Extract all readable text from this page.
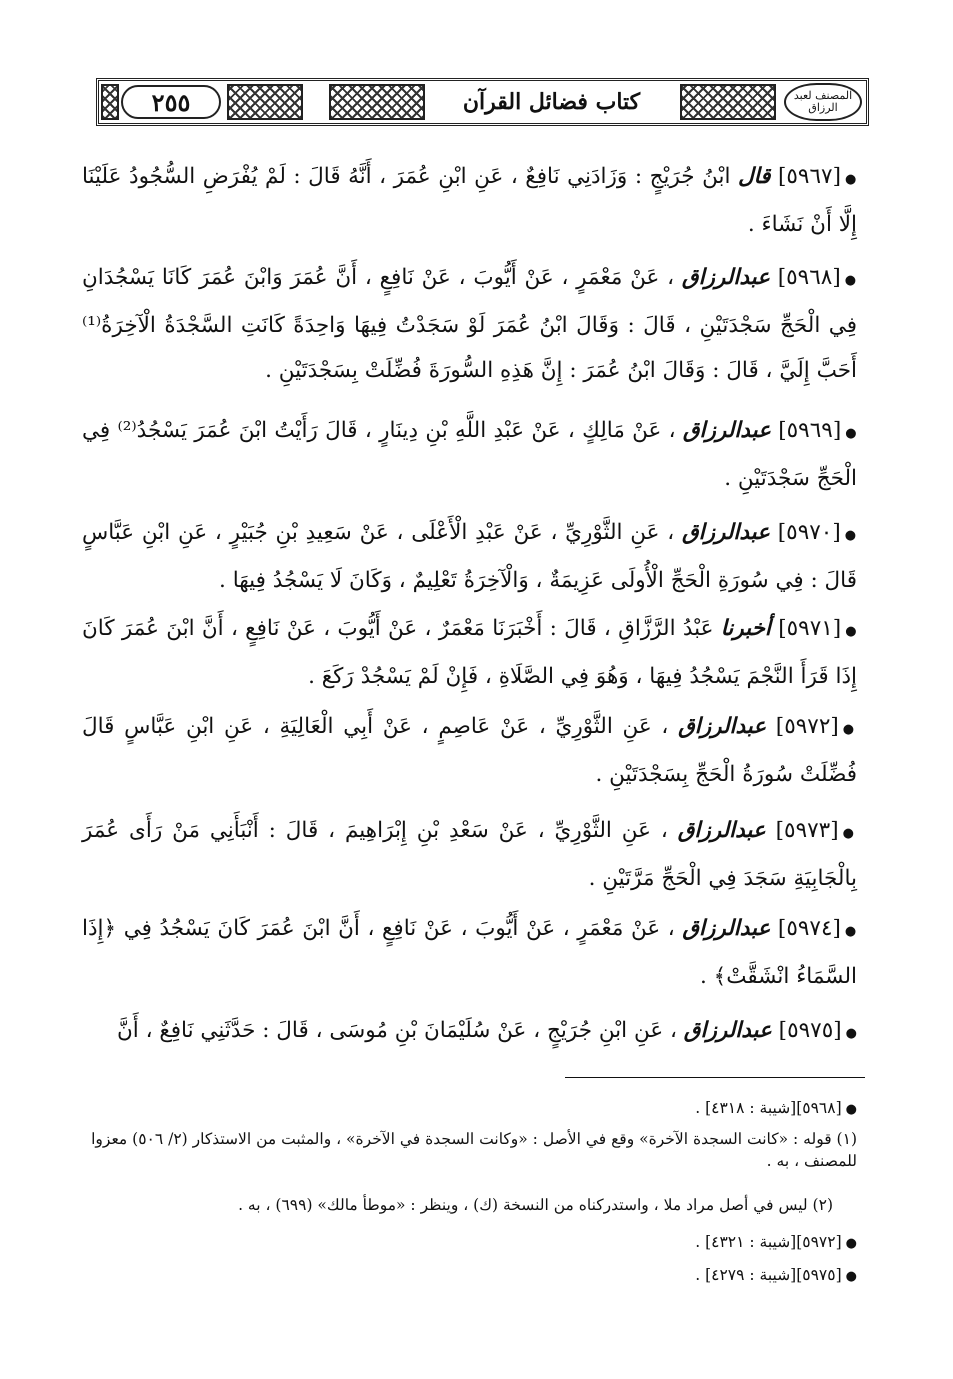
المصنف لعبد الرزاق
كتاب فضائل القرآن
٢٥٥
●[٥٩٦٧] قال ابْنُ جُرَيْجٍ : وَزَادَنِي نَافِعٌ ، عَنِ ابْنِ عُمَرَ ، أَنَّهُ قَالَ : لَمْ يُفْرَضِ السُّجُودُ عَلَيْنَا إِلَّا أَنْ نَشَاءَ .
●[٥٩٦٨] عبدالرزاق ، عَنْ مَعْمَرٍ ، عَنْ أَيُّوبَ ، عَنْ نَافِعٍ ، أَنَّ عُمَرَ وَابْنَ عُمَرَ كَانَا يَسْجُدَانِ فِي الْحَجِّ سَجْدَتَيْنِ ، قَالَ : وَقَالَ ابْنُ عُمَرَ لَوْ سَجَدْتُ فِيهَا وَاحِدَةً كَانَتِ السَّجْدَةُ الْآخِرَةُ⁽¹⁾ أَحَبَّ إِلَيَّ ، قَالَ : وَقَالَ ابْنُ عُمَرَ : إِنَّ هَذِهِ السُّورَةَ فُضِّلَتْ بِسَجْدَتَيْنِ .
●[٥٩٦٩] عبدالرزاق ، عَنْ مَالِكٍ ، عَنْ عَبْدِ اللَّهِ بْنِ دِينَارٍ ، قَالَ رَأَيْتُ ابْنَ عُمَرَ يَسْجُدُ⁽²⁾ فِي الْحَجِّ سَجْدَتَيْنِ .
●[٥٩٧٠] عبدالرزاق ، عَنِ الثَّوْرِيِّ ، عَنْ عَبْدِ الْأَعْلَى ، عَنْ سَعِيدِ بْنِ جُبَيْرٍ ، عَنِ ابْنِ عَبَّاسٍ قَالَ : فِي سُورَةِ الْحَجِّ الْأُولَى عَزِيمَةٌ ، وَالْآخِرَةُ تَعْلِيمٌ ، وَكَانَ لَا يَسْجُدُ فِيهَا .
●[٥٩٧١] أخبرنا عَبْدُ الرَّزَّاقِ ، قَالَ : أَخْبَرَنَا مَعْمَرٌ ، عَنْ أَيُّوبَ ، عَنْ نَافِعٍ ، أَنَّ ابْنَ عُمَرَ كَانَ إِذَا قَرَأَ النَّجْمَ يَسْجُدُ فِيهَا ، وَهُوَ فِي الصَّلَاةِ ، فَإِنْ لَمْ يَسْجُدْ رَكَعَ .
●[٥٩٧٢] عبدالرزاق ، عَنِ الثَّوْرِيِّ ، عَنْ عَاصِمٍ ، عَنْ أَبِي الْعَالِيَةِ ، عَنِ ابْنِ عَبَّاسٍ قَالَ فُضِّلَتْ سُورَةُ الْحَجِّ بِسَجْدَتَيْنِ .
●[٥٩٧٣] عبدالرزاق ، عَنِ الثَّوْرِيِّ ، عَنْ سَعْدِ بْنِ إِبْرَاهِيمَ ، قَالَ : أَنْبَأَنِي مَنْ رَأَى عُمَرَ بِالْجَابِيَةِ سَجَدَ فِي الْحَجِّ مَرَّتَيْنِ .
●[٥٩٧٤] عبدالرزاق ، عَنْ مَعْمَرٍ ، عَنْ أَيُّوبَ ، عَنْ نَافِعٍ ، أَنَّ ابْنَ عُمَرَ كَانَ يَسْجُدُ فِي ﴿إِذَا السَّمَاءُ انْشَقَّتْ﴾ .
●[٥٩٧٥] عبدالرزاق ، عَنِ ابْنِ جُرَيْجٍ ، عَنْ سُلَيْمَانَ بْنِ مُوسَى ، قَالَ : حَدَّثَنِي نَافِعٌ ، أَنَّ
●[٥٩٦٨][شيبة : ٤٣١٨] .
(١) قوله : «كانت السجدة الآخرة» وقع في الأصل : «وكانت السجدة في الآخرة» ، والمثبت من الاستذكار (٢/ ٥٠٦) معزوا للمصنف ، به .
(٢) ليس في أصل مراد ملا ، واستدركناه من النسخة (ك) ، وينظر : «موطأ مالك» (٦٩٩) ، به .
●[٥٩٧٢][شيبة : ٤٣٢١] .
●[٥٩٧٥][شيبة : ٤٢٧٩] .
